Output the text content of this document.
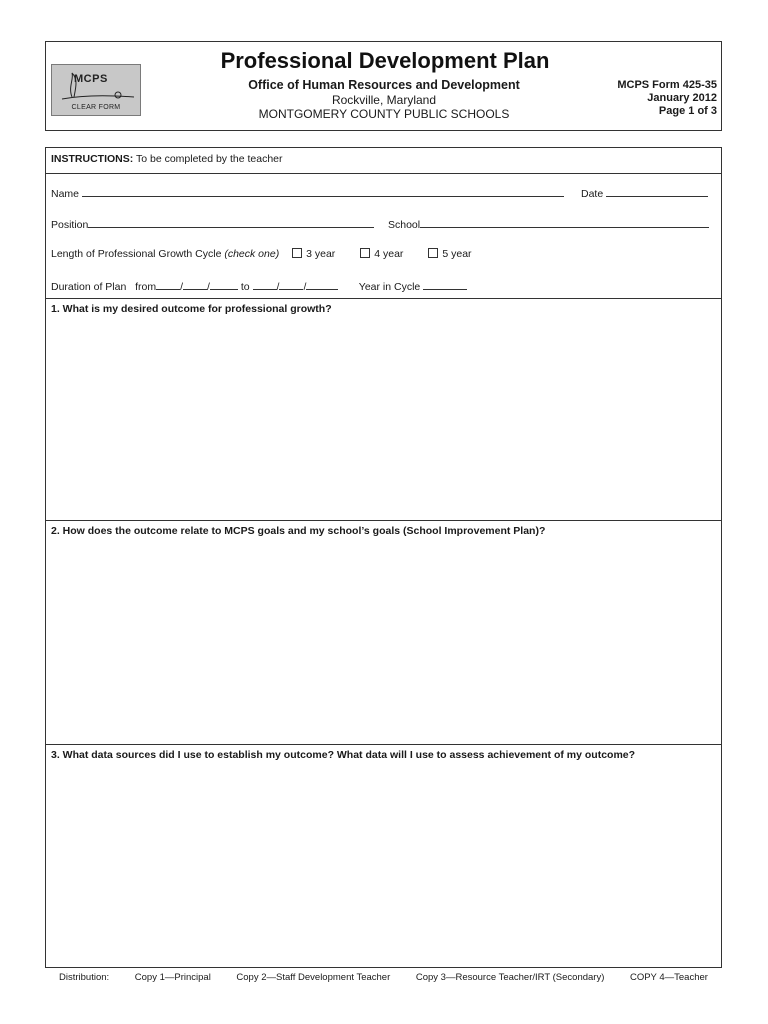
MCPS
CLEAR FORM
Professional Development Plan
Office of Human Resources and Development
Rockville, Maryland
MONTGOMERY COUNTY PUBLIC SCHOOLS
MCPS Form 425-35
January 2012
Page 1 of 3
INSTRUCTIONS: To be completed by the teacher
Name	Date
Position	School
Length of Professional Growth Cycle (check one)	3 year	4 year	5 year
Duration of Plan from / /	to	/ /	Year in Cycle
1. What is my desired outcome for professional growth?
2. How does the outcome relate to MCPS goals and my school’s goals (School Improvement Plan)?
3. What data sources did I use to establish my outcome? What data will I use to assess achievement of my outcome?
Distribution:	Copy 1—Principal	Copy 2—Staff Development Teacher	Copy 3—Resource Teacher/IRT (Secondary)	COPY 4—Teacher
